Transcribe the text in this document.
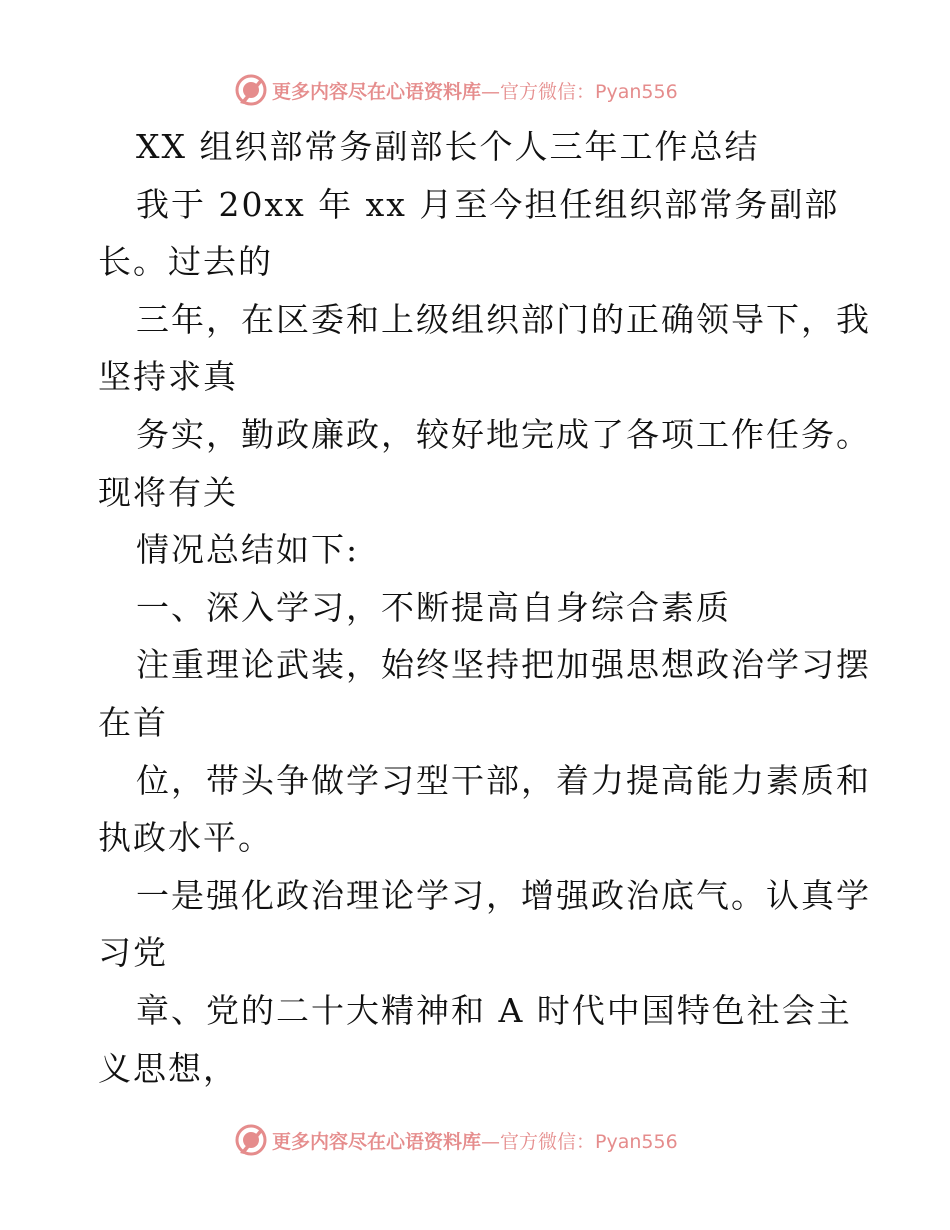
更多内容尽在心语资料库 —官方微信：Pyan556
XX 组织部常务副部长个人三年工作总结
我于 20xx 年 xx 月至今担任组织部常务副部
长。过去的
三年，在区委和上级组织部门的正确领导下，我
坚持求真
务实，勤政廉政，较好地完成了各项工作任务。
现将有关
情况总结如下:
一、深入学习，不断提高自身综合素质
注重理论武装，始终坚持把加强思想政治学习摆
在首
位，带头争做学习型干部，着力提高能力素质和
执政水平。
一是强化政治理论学习，增强政治底气。认真学
习党
章、党的二十大精神和 A 时代中国特色社会主
义思想，
更多内容尽在心语资料库 —官方微信：Pyan556
